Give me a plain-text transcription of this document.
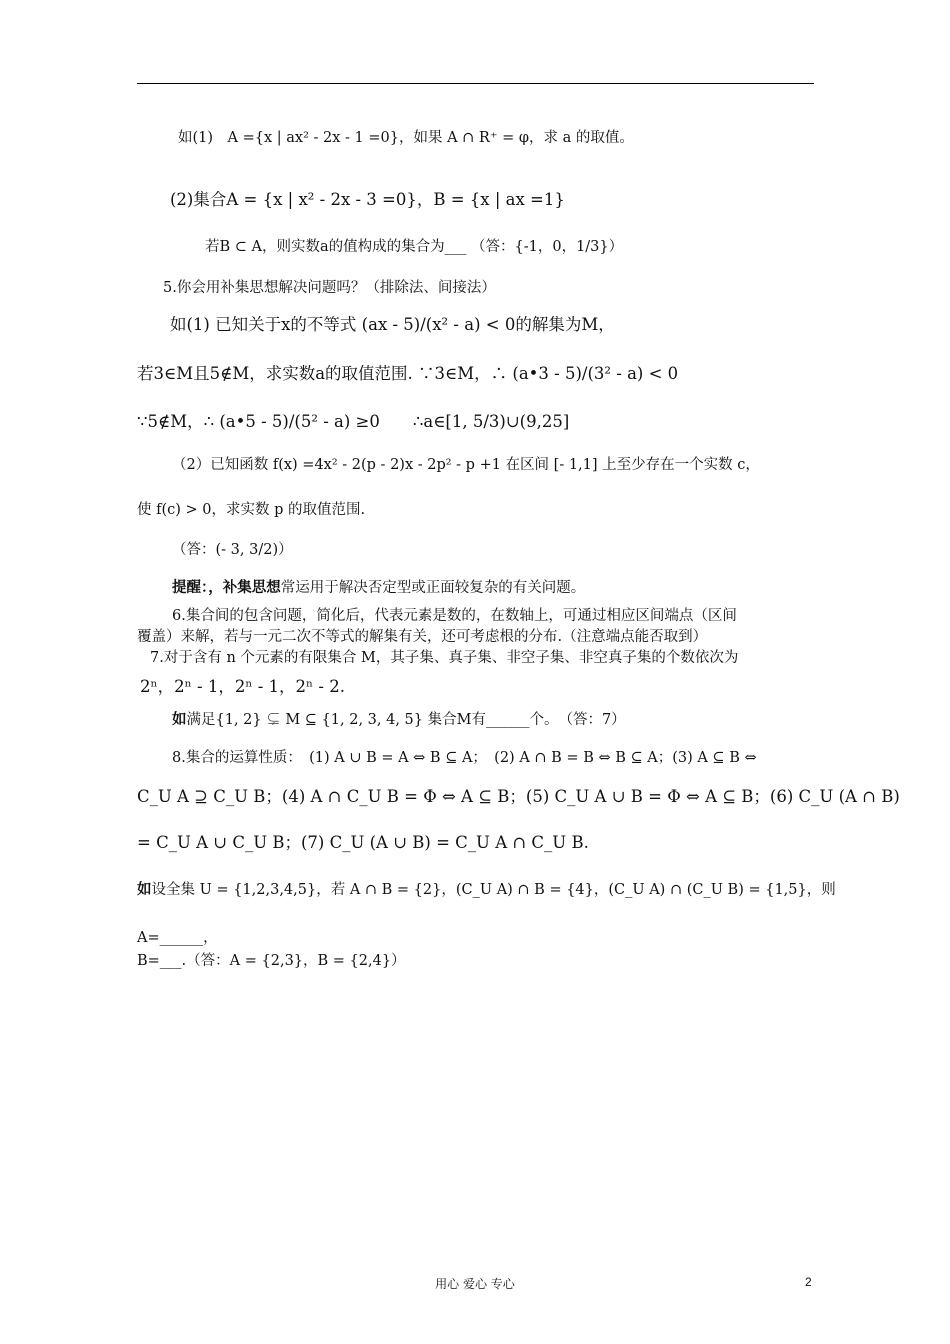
如(1)　A ={x | ax² - 2x - 1 =0}，如果 A ∩ R⁺ = φ，求 a 的取值。
(2)集合A = {x | x² - 2x - 3 =0}，B = {x | ax =1}
若B ⊂ A，则实数a的值构成的集合为___ （答：{-1，0，1/3}）
5.你会用补集思想解决问题吗？（排除法、间接法）
如(1) 已知关于x的不等式 (ax - 5)/(x² - a) < 0的解集为M，
若3∈M且5∉M，求实数a的取值范围. ∵3∈M，∴ (a•3 - 5)/(3² - a) < 0
∵5∉M，∴ (a•5 - 5)/(5² - a) ≥0　　∴a∈[1, 5/3)∪(9,25]
（2）已知函数 f(x) =4x² - 2(p - 2)x - 2p² - p +1 在区间 [- 1,1] 上至少存在一个实数 c，
使 f(c) > 0，求实数 p 的取值范围.
（答：(- 3, 3/2)）
提醒：，补集思想常运用于解决否定型或正面较复杂的有关问题。
6.集合间的包含问题，简化后，代表元素是数的，在数轴上，可通过相应区间端点（区间
覆盖）来解，若与一元二次不等式的解集有关，还可考虑根的分布.（注意端点能否取到）
7.对于含有 n 个元素的有限集合 M，其子集、真子集、非空子集、非空真子集的个数依次为
2ⁿ，2ⁿ - 1，2ⁿ - 1，2ⁿ - 2.
如满足{1, 2} ⊊ M ⊆ {1, 2, 3, 4, 5} 集合M有______个。　（答：7）
8.集合的运算性质：　(1) A ∪ B = A ⇔ B ⊆ A；　(2) A ∩ B = B ⇔ B ⊆ A；(3) A ⊆ B ⇔
C_U A ⊇ C_U B；(4) A ∩ C_U B = Φ ⇔ A ⊆ B；(5) C_U A ∪ B = Φ ⇔ A ⊆ B；(6) C_U (A ∩ B)
= C_U A ∪ C_U B；(7) C_U (A ∪ B) = C_U A ∩ C_U B.
如设全集 U = {1,2,3,4,5}，若 A ∩ B = {2}，(C_U A) ∩ B = {4}，(C_U A) ∩ (C_U B) = {1,5}，则
A=______，
B=___.（答：A = {2,3}，B = {2,4}）
用心 爱心 专心	2
